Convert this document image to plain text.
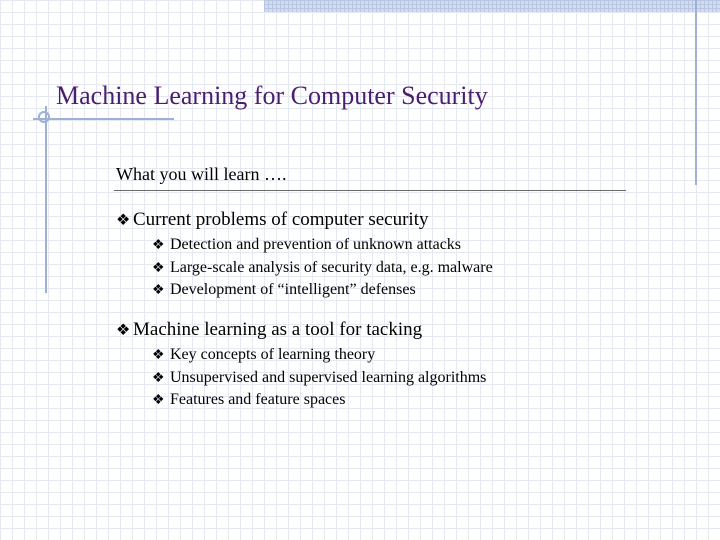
Machine Learning for Computer Security
What you will learn ….
❖ Current problems of computer security
❖ Detection and prevention of unknown attacks
❖ Large-scale analysis of security data, e.g. malware
❖ Development of “intelligent” defenses
❖ Machine learning as a tool for tacking
❖ Key concepts of learning theory
❖ Unsupervised and supervised learning algorithms
❖ Features and feature spaces
